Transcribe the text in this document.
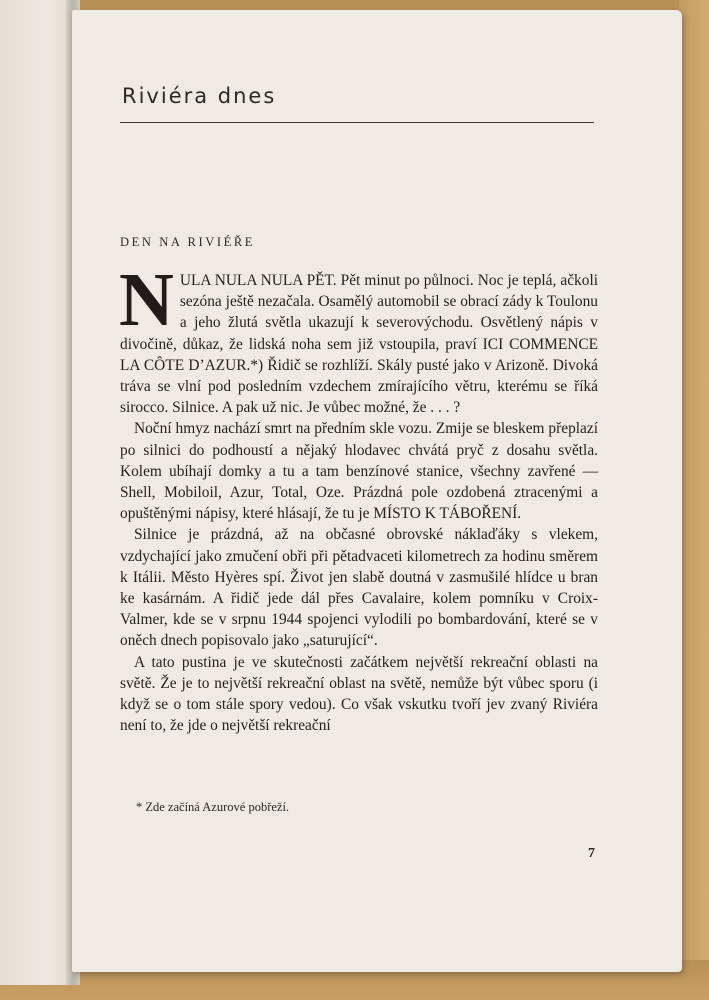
Riviéra dnes
DEN NA RIVIÉŘE

NULA NULA NULA PĚT. Pět minut po půlnoci. Noc je teplá, ačkoli sezóna ještě nezačala. Osamělý automobil se obrací zády k Toulonu a jeho žlutá světla ukazují k severovýchodu. Osvětlený nápis v divočině, důkaz, že lidská noha sem již vstoupila, praví ICI COMMENCE LA CÔTE D’AZUR.*) Řidič se rozhlíží. Skály pusté jako v Arizoně. Divoká tráva se vlní pod posledním vzdechem zmírajícího větru, kterému se říká sirocco. Silnice. A pak už nic. Je vůbec možné, že . . . ?

Noční hmyz nachází smrt na předním skle vozu. Zmije se bleskem přeplazí po silnici do podhoustí a nějaký hlodavec chvátá pryč z dosahu světla. Kolem ubíhají domky a tu a tam benzínové stanice, všechny zavřené — Shell, Mobiloil, Azur, Total, Oze. Prázdná pole ozdobená ztracenými a opuštěnými nápisy, které hlásají, že tu je MÍSTO K TÁBOŘENÍ.

Silnice je prázdná, až na občasné obrovské náklaďáky s vlekem, vzdychající jako zmučení obři při pětadvaceti kilometrech za hodinu směrem k Itálii. Město Hyères spí. Život jen slabě doutná v zasmušilé hlídce u bran ke kasárnám. A řidič jede dál přes Cavalaire, kolem pomníku v Croix-Valmer, kde se v srpnu 1944 spojenci vylodili po bombardování, které se v oněch dnech popisovalo jako „saturující“.

A tato pustina je ve skutečnosti začátkem největší rekreační oblasti na světě. Že je to největší rekreační oblast na světě, nemůže být vůbec sporu (i když se o tom stále spory vedou). Co však vskutku tvoří jev zvaný Riviéra není to, že jde o největší rekreační

* Zde začíná Azurové pobřeží.
7
